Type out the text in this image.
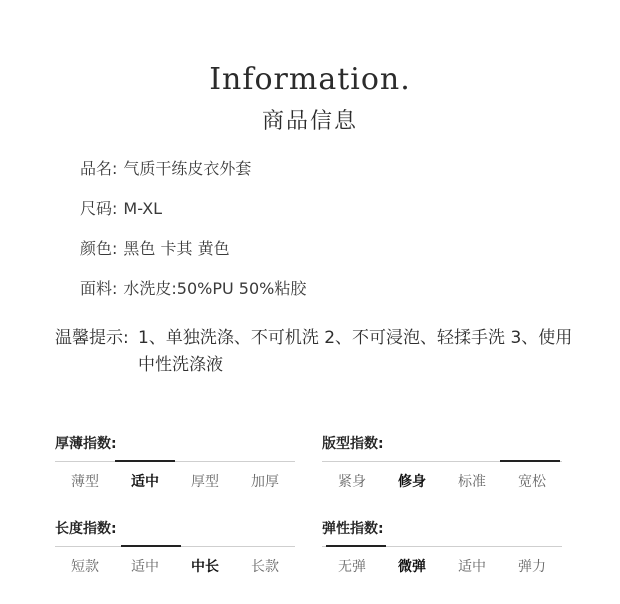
Information.
商品信息
品名: 气质干练皮衣外套
尺码: M-XL
颜色: 黑色 卡其 黄色
面料: 水洗皮:50%PU 50%粘胶
温馨提示: 1、单独洗涤、不可机洗 2、不可浸泡、轻揉手洗 3、使用中性洗涤液
厚薄指数:
薄型	适中	厚型	加厚
版型指数:
紧身	修身	标准	宽松
长度指数:
短款	适中	中长	长款
弹性指数:
无弹	微弹	适中	弹力
